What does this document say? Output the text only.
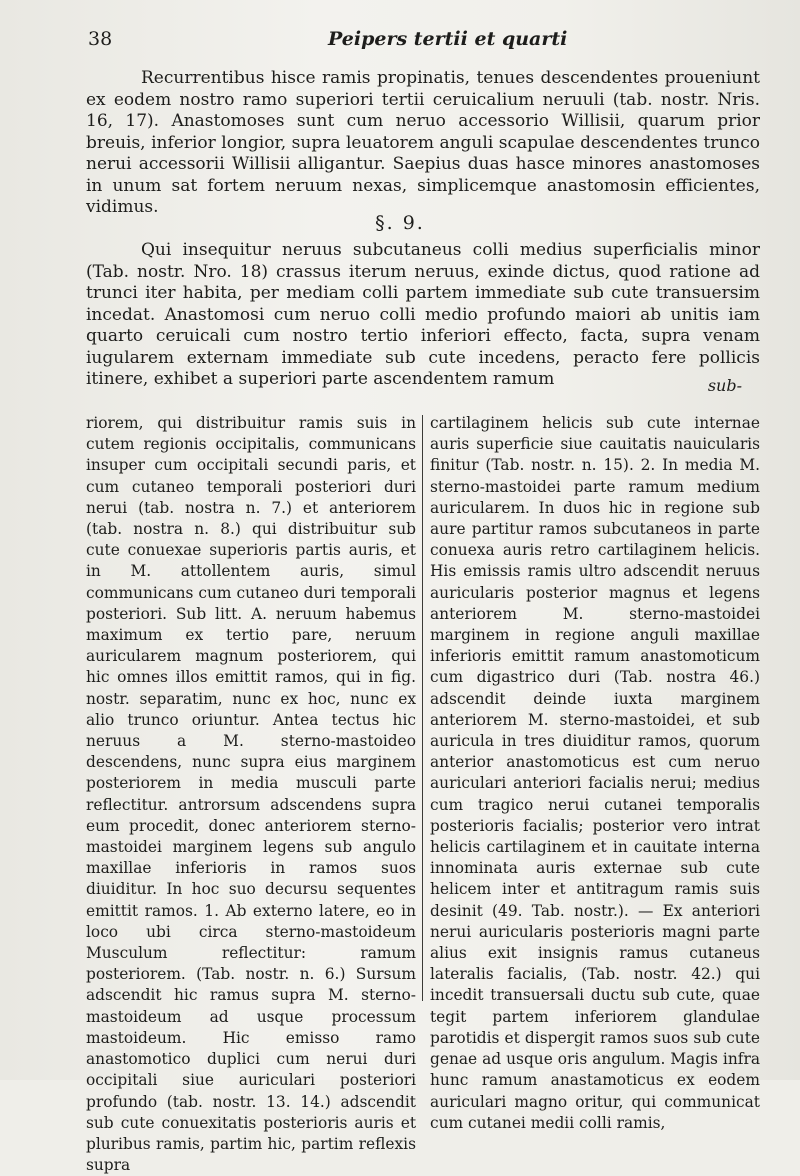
38	Peipers tertii et quarti

Recurrentibus hisce ramis propinatis, tenues descendentes proueniunt ex eodem nostro ramo superiori tertii ceruicalium neruuli (tab. nostr. Nris. 16, 17). Anastomoses sunt cum neruo accessorio Willisii, quarum prior breuis, inferior longior, supra leuatorem anguli scapulae descendentes trunco nerui accessorii Willisii alligantur. Saepius duas hasce minores anastomoses in unum sat fortem neruum nexas, simplicemque anastomosin efficientes, vidimus.

§. 9.

Qui insequitur neruus subcutaneus colli medius superficialis minor (Tab. nostr. Nro. 18) crassus iterum neruus, exinde dictus, quod ratione ad trunci iter habita, per mediam colli partem immediate sub cute transuersim incedat. Anastomosi cum neruo colli medio profundo maiori ab unitis iam quarto ceruicali cum nostro tertio inferiori effecto, facta, supra venam iugularem externam immediate sub cute incedens, peracto fere pollicis itinere, exhibet a superiori parte ascendentem ramum	sub-

riorem, qui distribuitur ramis suis in cutem regionis occipitalis, communicans insuper cum occipitali secundi paris, et cum cutaneo temporali posteriori duri nerui (tab. nostra n. 7.) et anteriorem (tab. nostra n. 8.) qui distribuitur sub cute conuexae superioris partis auris, et in M. attollentem auris, simul communicans cum cutaneo duri temporali posteriori. Sub litt. A. neruum habemus maximum ex tertio pare, neruum auricularem magnum posteriorem, qui hic omnes illos emittit ramos, qui in fig. nostr. separatim, nunc ex hoc, nunc ex alio trunco oriuntur. Antea tectus hic neruus a M. sterno-mastoideo descendens, nunc supra eius marginem posteriorem in media musculi parte reflectitur. antrorsum adscendens supra eum procedit, donec anteriorem sterno-mastoidei marginem legens sub angulo maxillae inferioris in ramos suos diuiditur. In hoc suo decursu sequentes emittit ramos. 1. Ab externo latere, eo in loco ubi circa sterno-mastoideum Musculum reflectitur: ramum posteriorem. (Tab. nostr. n. 6.) Sursum adscendit hic ramus supra M. sterno-mastoideum ad usque processum mastoideum. Hic emisso ramo anastomotico duplici cum nerui duri occipitali siue auriculari posteriori profundo (tab. nostr. 13. 14.) adscendit sub cute conuexitatis posterioris auris et pluribus ramis, partim hic, partim reflexis supra

cartilaginem helicis sub cute internae auris superficie siue cauitatis nauicularis finitur (Tab. nostr. n. 15). 2. In media M. sterno-mastoidei parte ramum medium auricularem. In duos hic in regione sub aure partitur ramos subcutaneos in parte conuexa auris retro cartilaginem helicis. His emissis ramis ultro adscendit neruus auricularis posterior magnus et legens anteriorem M. sterno-mastoidei marginem in regione anguli maxillae inferioris emittit ramum anastomoticum cum digastrico duri (Tab. nostra 46.) adscendit deinde iuxta marginem anteriorem M. sterno-mastoidei, et sub auricula in tres diuiditur ramos, quorum anterior anastomoticus est cum neruo auriculari anteriori facialis nerui; medius cum tragico nerui cutanei temporalis posterioris facialis; posterior vero intrat helicis cartilaginem et in cauitate interna innominata auris externae sub cute helicem inter et antitragum ramis suis desinit (49. Tab. nostr.). — Ex anteriori nerui auricularis posterioris magni parte alius exit insignis ramus cutaneus lateralis facialis, (Tab. nostr. 42.) qui incedit transuersali ductu sub cute, quae tegit partem inferiorem glandulae parotidis et dispergit ramos suos sub cute genae ad usque oris angulum. Magis infra hunc ramum anastamoticus ex eodem auriculari magno oritur, qui communicat cum cutanei medii colli ramis,
